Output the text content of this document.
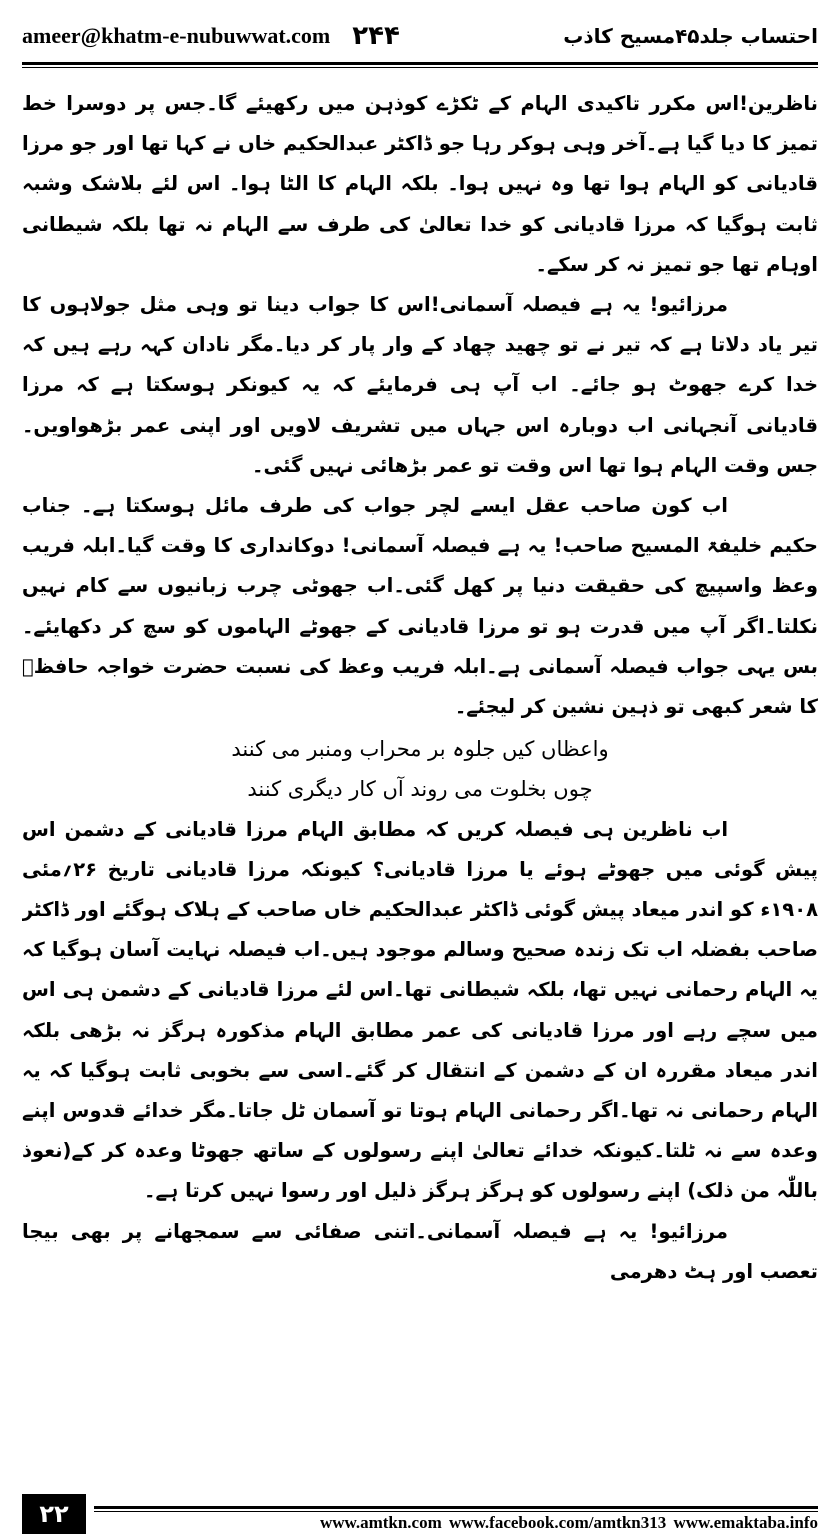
ameer@khatm-e-nubuwwat.com ۲۴۴	احتساب جلد۴۵مسیح کاذب

ناظرین!اس مکرر تاکیدی الہام کے ٹکڑے کوذہن میں رکھیئے گا۔جس پر دوسرا خط تمیز کا دیا گیا ہے۔آخر وہی ہوکر رہا جو ڈاکٹر عبدالحکیم خاں نے کہا تھا اور جو مرزا قادیانی کو الہام ہوا تھا وہ نہیں ہوا۔ بلکہ الہام کا الٹا ہوا۔ اس لئے بلاشک وشبہ ثابت ہوگیا کہ مرزا قادیانی کو خدا تعالیٰ کی طرف سے الہام نہ تھا بلکہ شیطانی اوہام تھا جو تمیز نہ کر سکے۔

مرزائیو! یہ ہے فیصلہ آسمانی!اس کا جواب دینا تو وہی مثل جولاہوں کا تیر یاد دلاتا ہے کہ تیر نے تو چھید چھاد کے وار پار کر دیا۔مگر نادان کہہ رہے ہیں کہ خدا کرے جھوٹ ہو جائے۔ اب آپ ہی فرمایئے کہ یہ کیونکر ہوسکتا ہے کہ مرزا قادیانی آنجہانی اب دوبارہ اس جہاں میں تشریف لاویں اور اپنی عمر بڑھواویں۔جس وقت الہام ہوا تھا اس وقت تو عمر بڑھائی نہیں گئی۔

اب کون صاحب عقل ایسے لچر جواب کی طرف مائل ہوسکتا ہے۔ جناب حکیم خلیفۃ المسیح صاحب! یہ ہے فیصلہ آسمانی! دوکانداری کا وقت گیا۔ابلہ فریب وعظ واسپیچ کی حقیقت دنیا پر کھل گئی۔اب جھوٹی چرب زبانیوں سے کام نہیں نکلتا۔اگر آپ میں قدرت ہو تو مرزا قادیانی کے جھوٹے الہاموں کو سچ کر دکھایئے۔بس یہی جواب فیصلہ آسمانی ہے۔ابلہ فریب وعظ کی نسبت حضرت خواجہ حافظؒ کا شعر کبھی تو ذہین نشین کر لیجئے۔

واعظاں کیں جلوہ بر محراب ومنبر می کنند

چوں بخلوت می روند آں کار دیگری کنند

اب ناظرین ہی فیصلہ کریں کہ مطابق الہام مرزا قادیانی کے دشمن اس پیش گوئی میں جھوٹے ہوئے یا مرزا قادیانی؟ کیونکہ مرزا قادیانی تاریخ ۲۶؍مئی ۱۹۰۸ء کو اندر میعاد پیش گوئی ڈاکٹر عبدالحکیم خاں صاحب کے ہلاک ہوگئے اور ڈاکٹر صاحب بفضلہ اب تک زندہ صحیح وسالم موجود ہیں۔اب فیصلہ نہایت آسان ہوگیا کہ یہ الہام رحمانی نہیں تھا، بلکہ شیطانی تھا۔اس لئے مرزا قادیانی کے دشمن ہی اس میں سچے رہے اور مرزا قادیانی کی عمر مطابق الہام مذکورہ ہرگز نہ بڑھی بلکہ اندر میعاد مقررہ ان کے دشمن کے انتقال کر گئے۔اسی سے بخوبی ثابت ہوگیا کہ یہ الہام رحمانی نہ تھا۔اگر رحمانی الہام ہوتا تو آسمان ٹل جاتا۔مگر خدائے قدوس اپنے وعدہ سے نہ ٹلتا۔کیونکہ خدائے تعالیٰ اپنے رسولوں کے ساتھ جھوٹا وعدہ کر کے(نعوذ باللّٰہ من ذلک) اپنے رسولوں کو ہرگز ہرگز ذلیل اور رسوا نہیں کرتا ہے۔

مرزائیو! یہ ہے فیصلہ آسمانی۔اتنی صفائی سے سمجھانے پر بھی بیجا تعصب اور ہٹ دھرمی

۲۲	www.amtkn.com www.facebook.com/amtkn313 www.emaktaba.info
